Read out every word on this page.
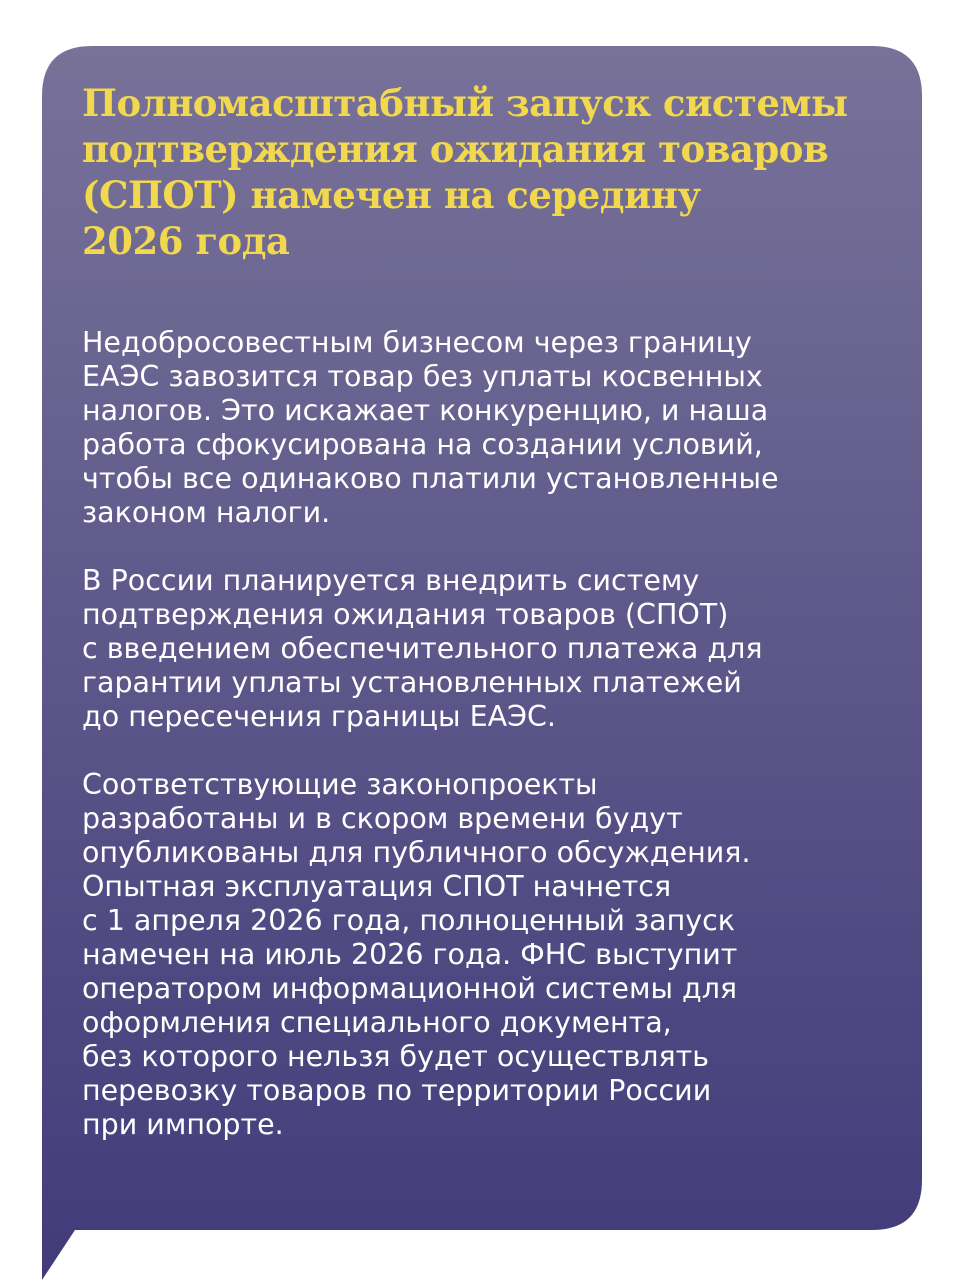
Полномасштабный запуск системы
подтверждения ожидания товаров
(СПОТ) намечен на середину
2026 года

Недобросовестным бизнесом через границу
ЕАЭС завозится товар без уплаты косвенных
налогов. Это искажает конкуренцию, и наша
работа сфокусирована на создании условий,
чтобы все одинаково платили установленные
законом налоги.

В России планируется внедрить систему
подтверждения ожидания товаров (СПОТ)
с введением обеспечительного платежа для
гарантии уплаты установленных платежей
до пересечения границы ЕАЭС.

Соответствующие законопроекты
разработаны и в скором времени будут
опубликованы для публичного обсуждения.
Опытная эксплуатация СПОТ начнется
с 1 апреля 2026 года, полноценный запуск
намечен на июль 2026 года. ФНС выступит
оператором информационной системы для
оформления специального документа,
без которого нельзя будет осуществлять
перевозку товаров по территории России
при импорте.
